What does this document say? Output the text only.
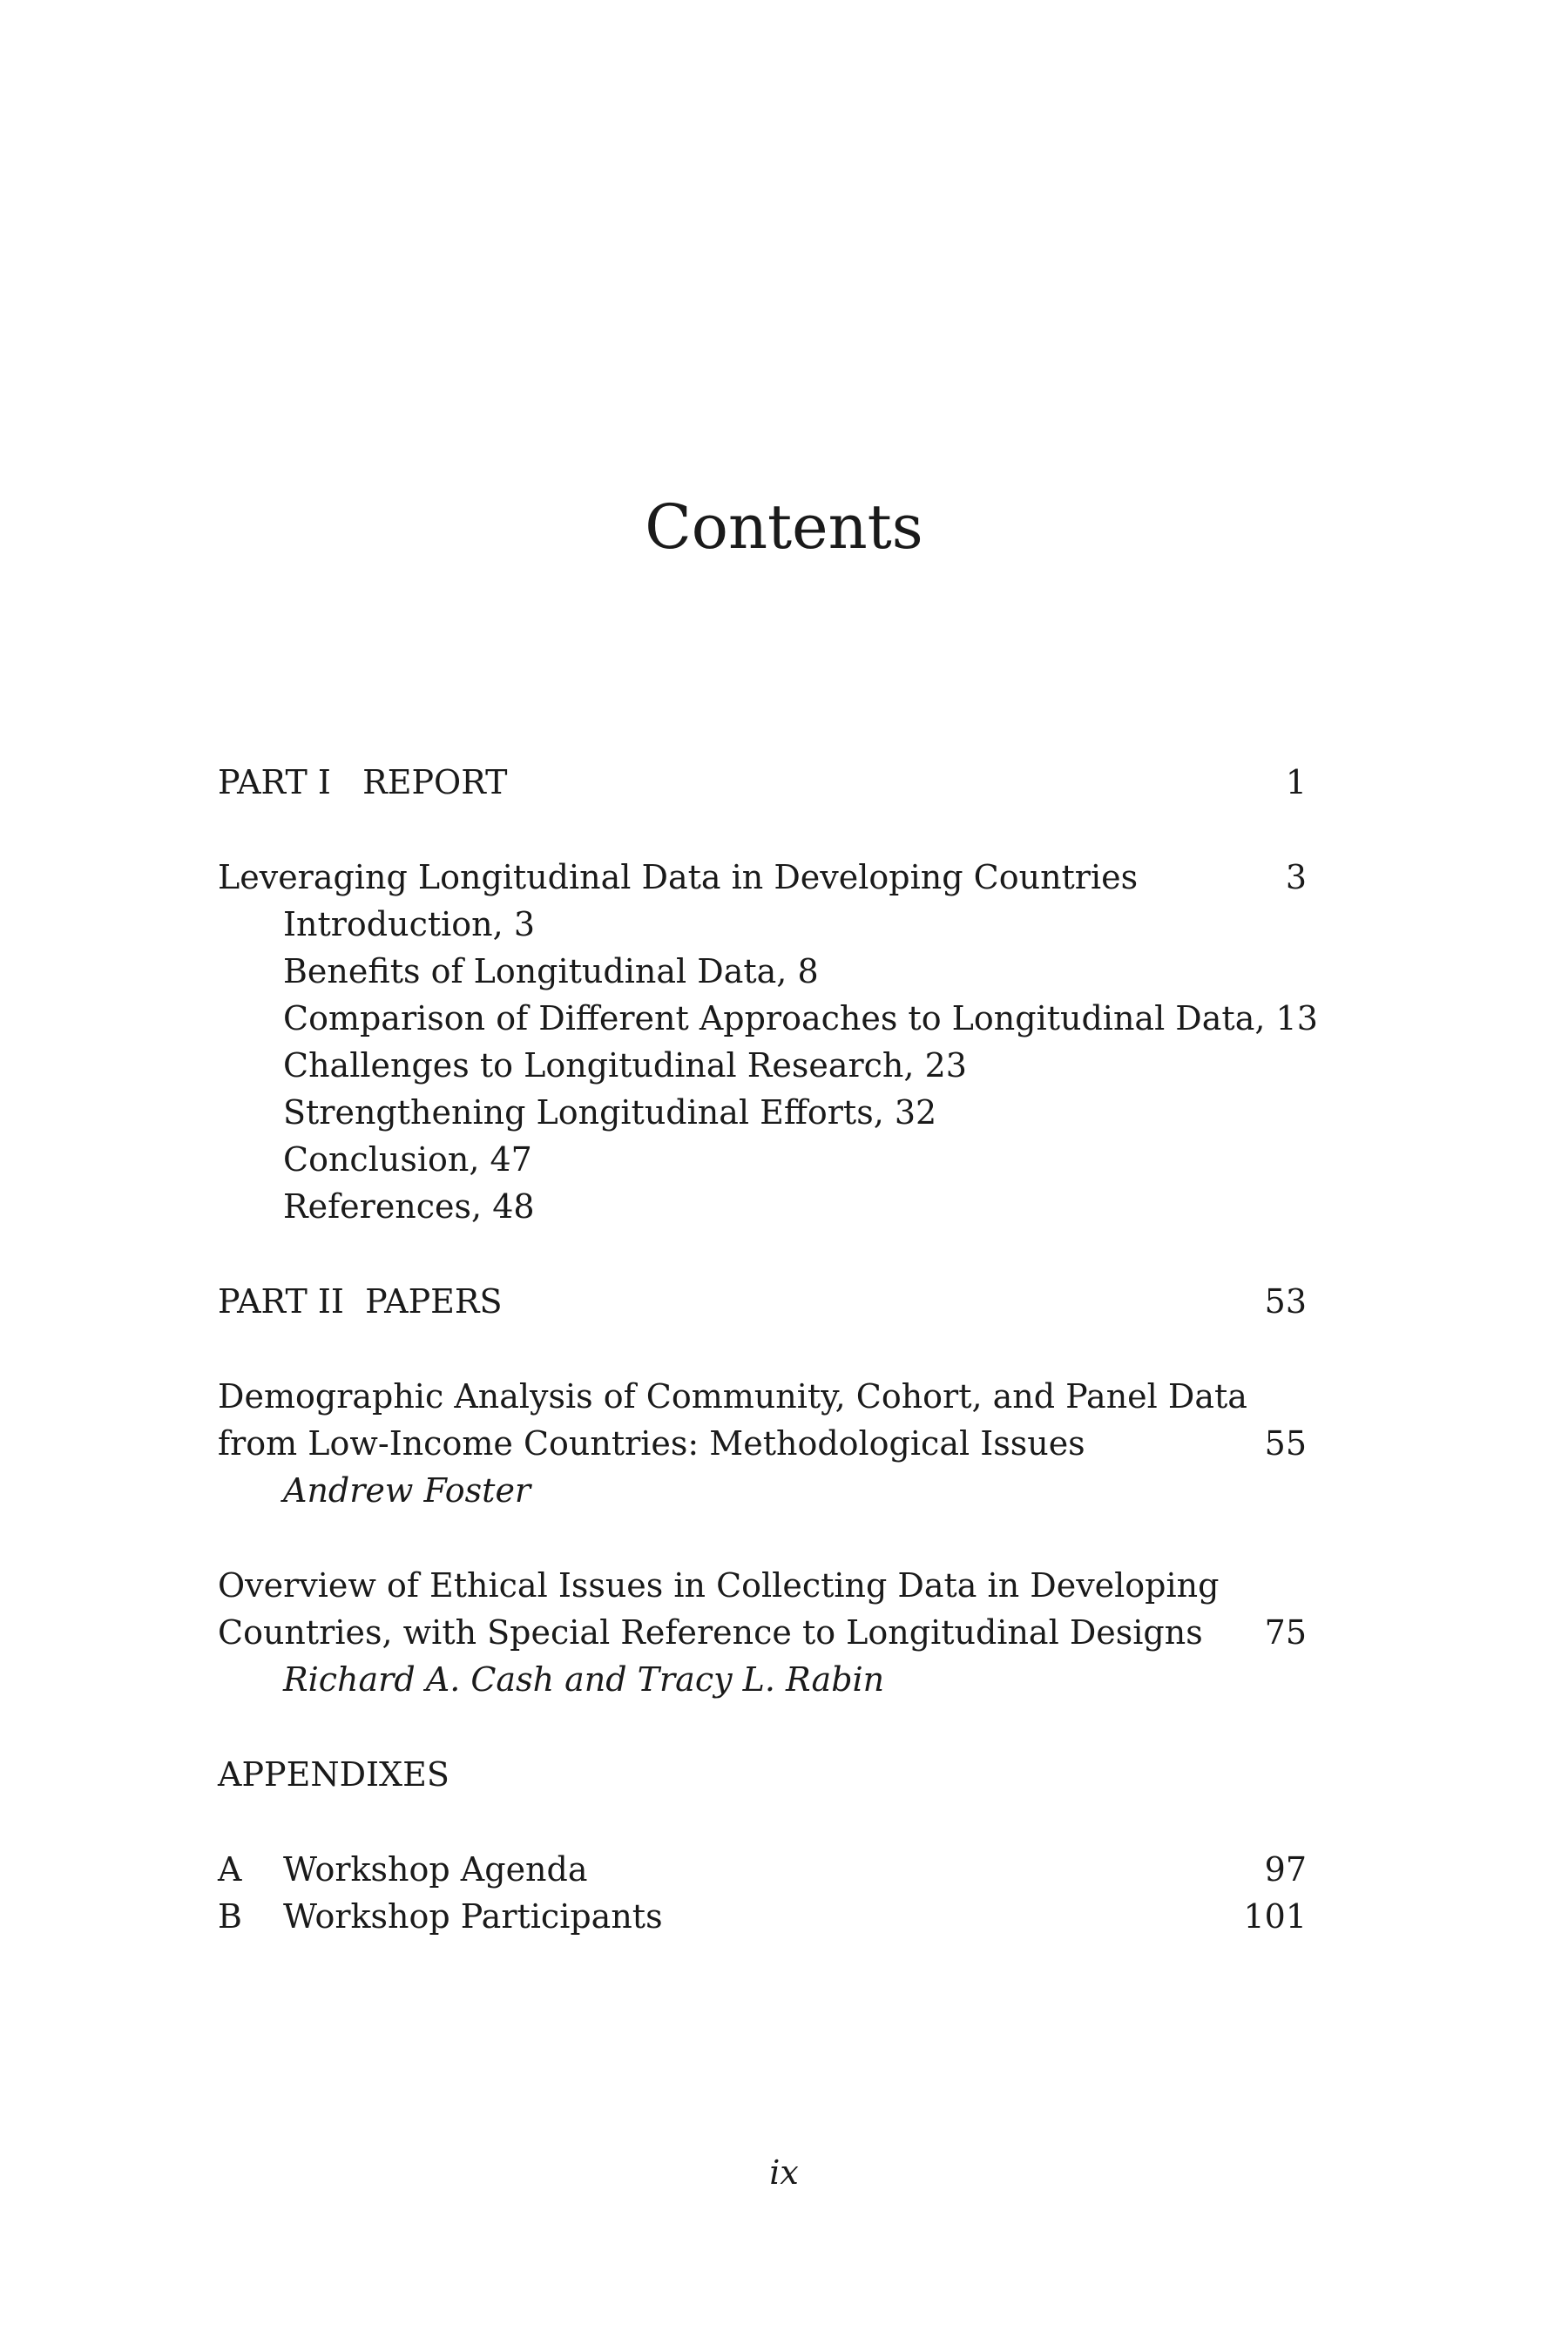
Contents
PART I   REPORT	1
Leveraging Longitudinal Data in Developing Countries	3
Introduction, 3
Benefits of Longitudinal Data, 8
Comparison of Different Approaches to Longitudinal Data, 13
Challenges to Longitudinal Research, 23
Strengthening Longitudinal Efforts, 32
Conclusion, 47
References, 48
PART II  PAPERS	53
Demographic Analysis of Community, Cohort, and Panel Data
from Low-Income Countries: Methodological Issues	55
Andrew Foster
Overview of Ethical Issues in Collecting Data in Developing
Countries, with Special Reference to Longitudinal Designs 75
Richard A. Cash and Tracy L. Rabin
APPENDIXES
A Workshop Agenda	97
B Workshop Participants	101
ix
